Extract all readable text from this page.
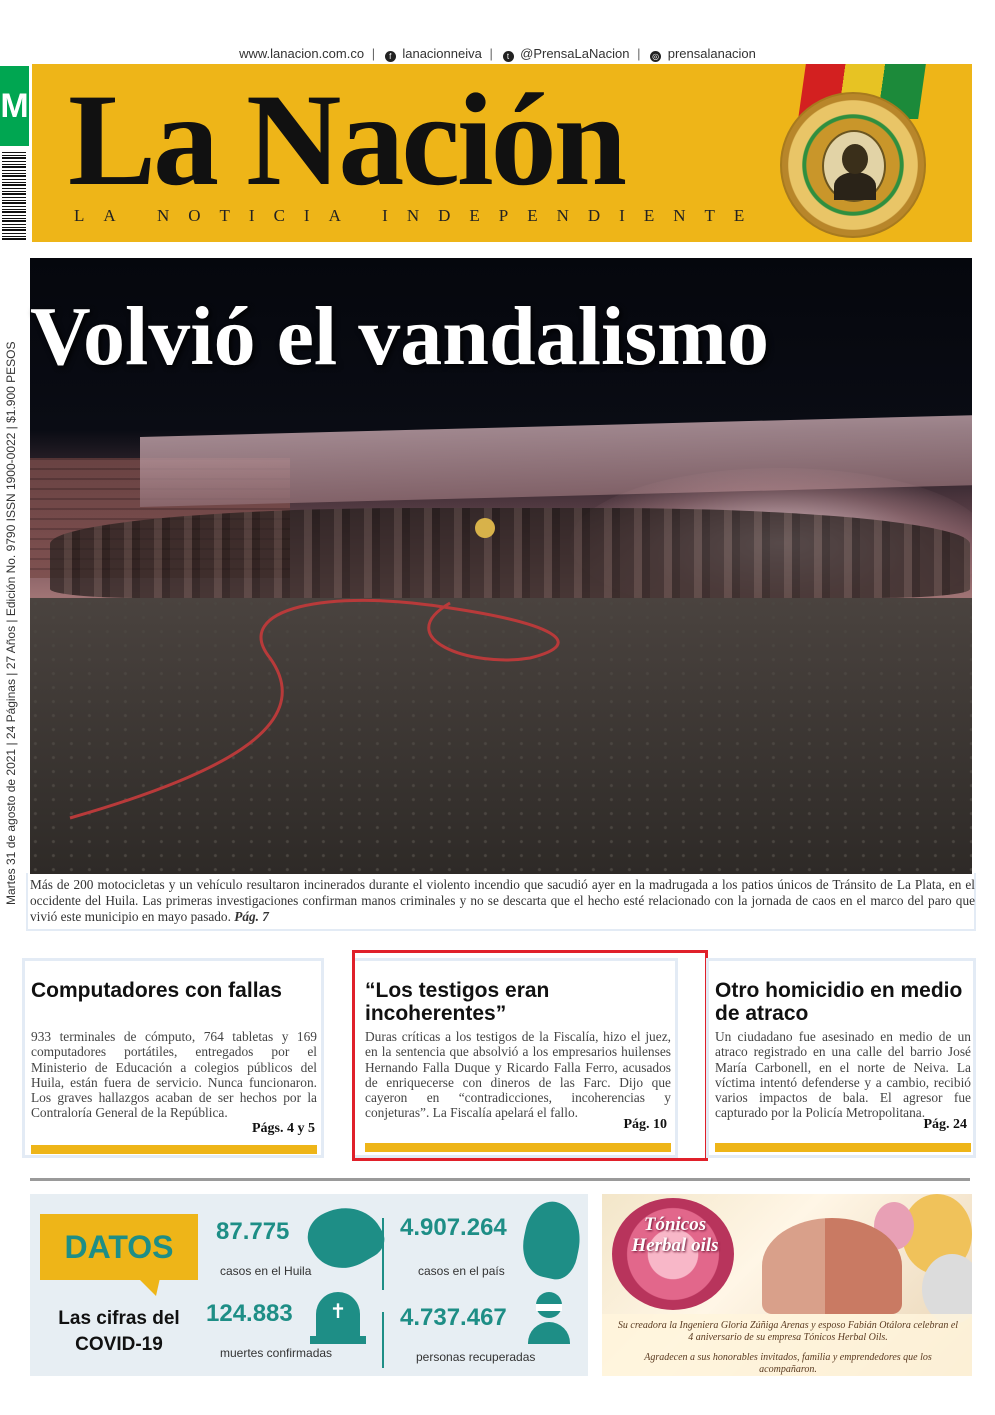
www.lanacion.com.co | f lanacionneiva | t @PrensaLaNacion | ◎ prensalanacion
M
Martes 31 de agosto de 2021 | 24 Páginas | 27 Años | Edición No. 9790 ISSN 1900-0022 | $1.900 PESOS
La Nación
LA NOTICIA INDEPENDIENTE
Volvió el vandalismo
Más de 200 motocicletas y un vehículo resultaron incinerados durante el violento incendio que sacudió ayer en la madrugada a los patios únicos de Tránsito de La Plata, en el occidente del Huila. Las primeras investigaciones confirman manos criminales y no se descarta que el hecho esté relacionado con la jornada de caos en el marco del paro que vivió este municipio en mayo pasado. Pág. 7
Computadores con fallas

933 terminales de cómputo, 764 tabletas y 169 computadores portátiles, entregados por el Ministerio de Educación a colegios públicos del Huila, están fuera de servicio. Nunca funcionaron. Los graves hallazgos acaban de ser hechos por la Contraloría General de la República.

Págs. 4 y 5
“Los testigos eran incoherentes”

Duras críticas a los testigos de la Fiscalía, hizo el juez, en la sentencia que absolvió a los empresarios huilenses Hernando Falla Duque y Ricardo Falla Ferro, acusados de enriquecerse con dineros de las Farc. Dijo que cayeron en “contradicciones, incoherencias y conjeturas”. La Fiscalía apelará el fallo.

Pág. 10
Otro homicidio en medio de atraco

Un ciudadano fue asesinado en medio de un atraco registrado en una calle del barrio José María Carbonell, en el norte de Neiva. La víctima intentó defenderse y a cambio, recibió varios impactos de bala. El agresor fue capturado por la Policía Metropolitana.

Pág. 24
DATOS
Las cifras del COVID-19
87.775
casos en el Huila
4.907.264
casos en el país
124.883
muertes confirmadas
✝	4.737.467
personas recuperadas
Tónicos Herbal oils
Su creadora la Ingeniera Gloria Zúñiga Arenas y esposo Fabián Otálora celebran el 4 aniversario de su empresa Tónicos Herbal Oils.
Agradecen a sus honorables invitados, familia y emprendedores que los acompañaron.
